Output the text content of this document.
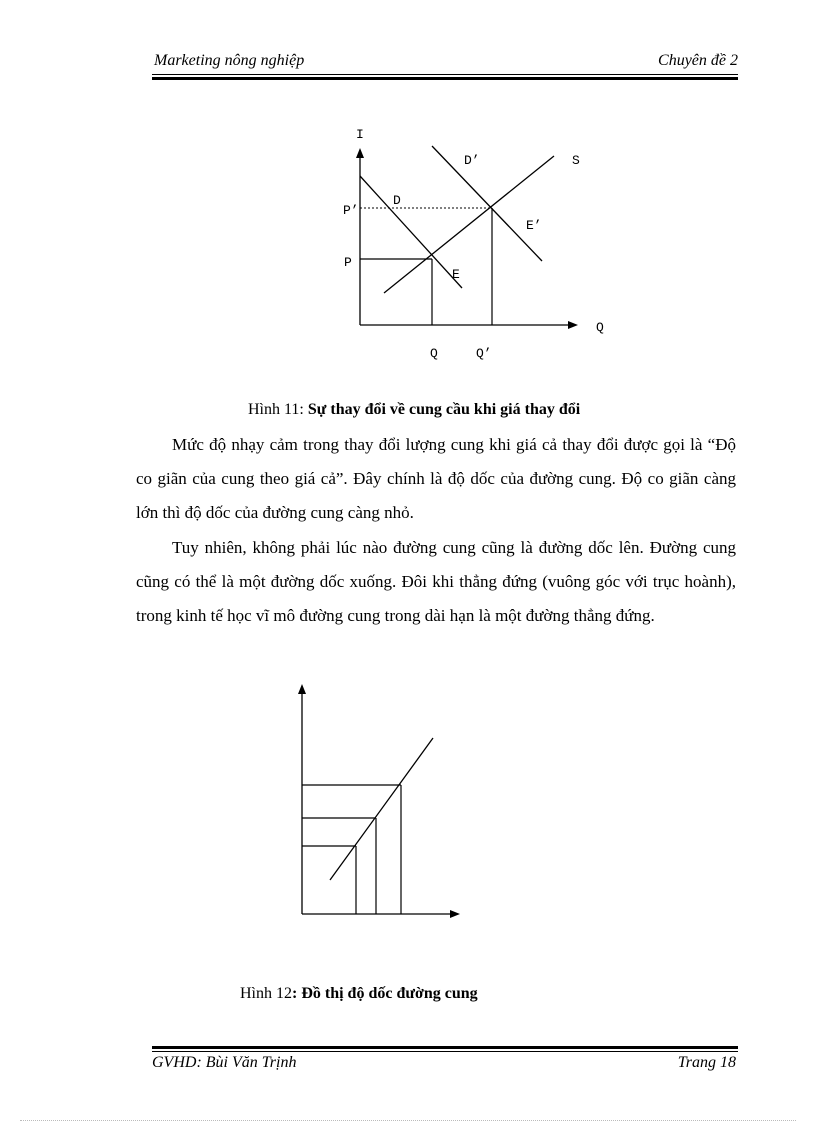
Marketing nông nghiệp	Chuyên đề 2
I
Q
P’
P
D
D’	S
E
E’
Q	Q’
Hình 11: Sự thay đổi về cung cầu khi giá thay đổi

Mức độ nhạy cảm trong thay đổi lượng cung khi giá cả thay đổi được gọi là “Độ co giãn của cung theo giá cả”. Đây chính là độ dốc của đường cung. Độ co giãn càng lớn thì độ dốc của đường cung càng nhỏ.

Tuy nhiên, không phải lúc nào đường cung cũng là đường dốc lên. Đường cung cũng có thể là một đường dốc xuống. Đôi khi thẳng đứng (vuông góc với trục hoành), trong kinh tế học vĩ mô đường cung trong dài hạn là một đường thẳng đứng.

Hình 12: Đồ thị độ dốc đường cung
GVHD: Bùi Văn Trịnh	Trang 18
